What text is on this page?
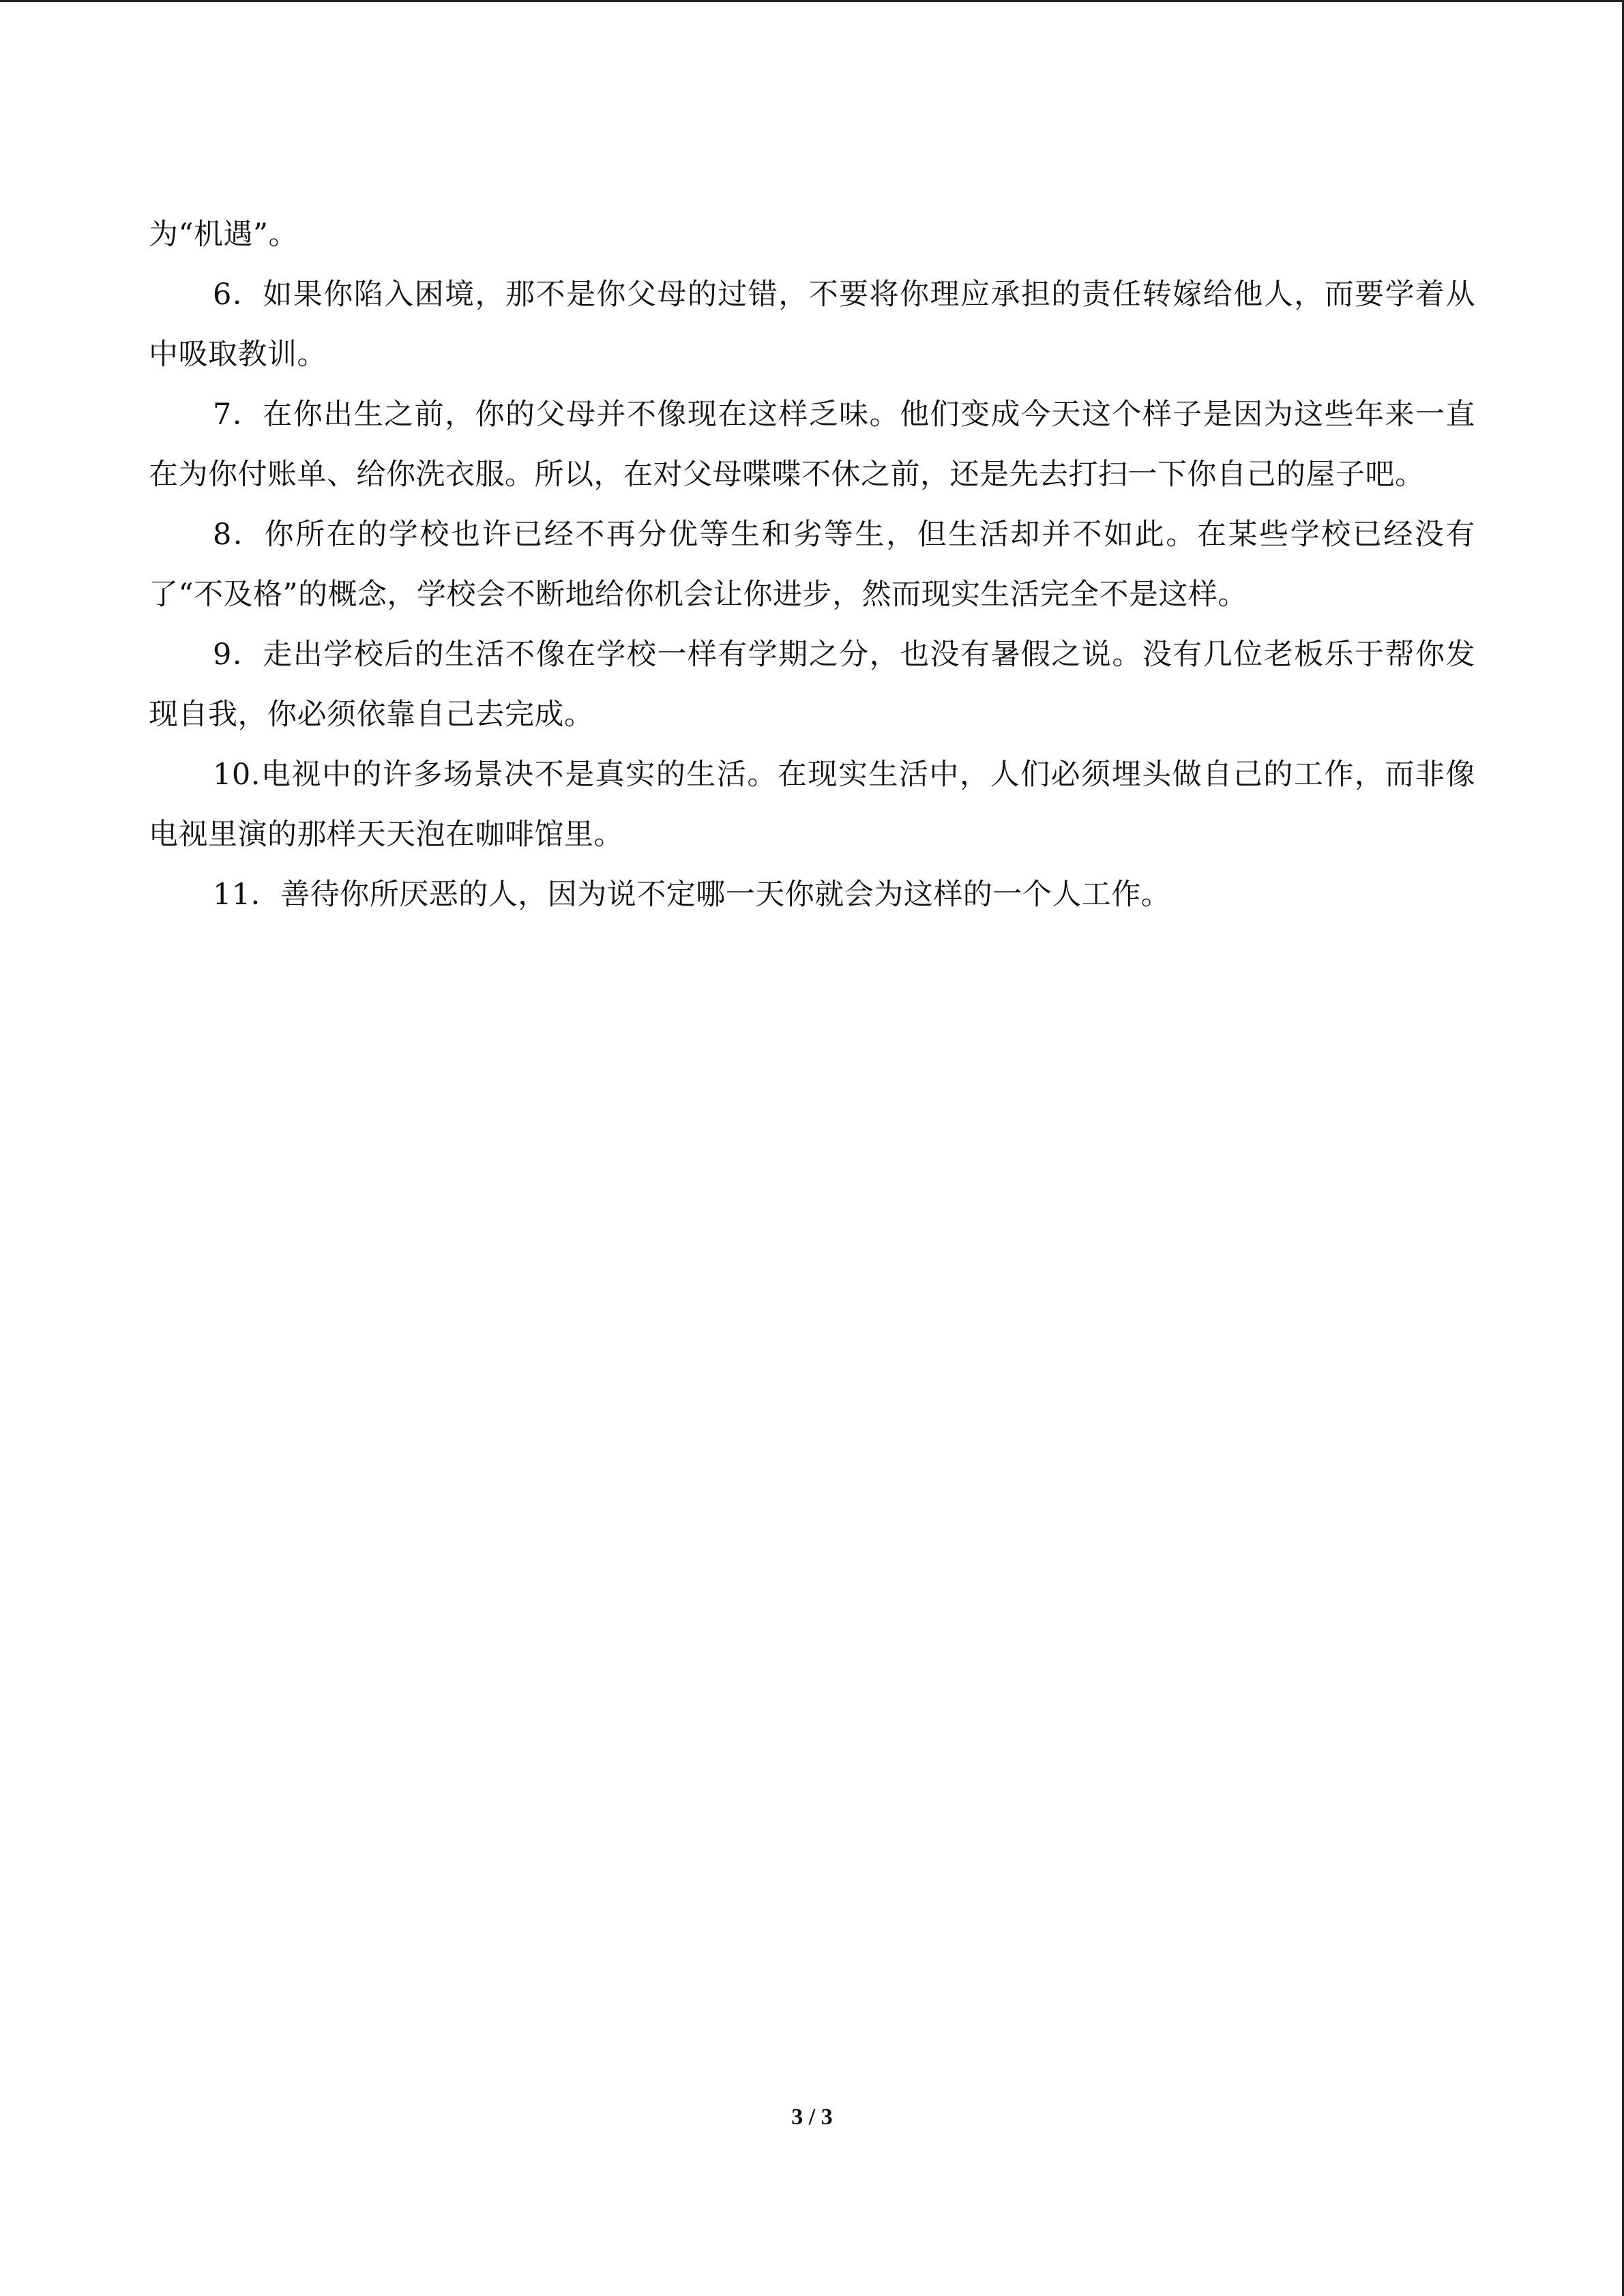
为“机遇”。

6．如果你陷入困境，那不是你父母的过错，不要将你理应承担的责任转嫁给他人，而要学着从中吸取教训。

7．在你出生之前，你的父母并不像现在这样乏味。他们变成今天这个样子是因为这些年来一直在为你付账单、给你洗衣服。所以，在对父母喋喋不休之前，还是先去打扫一下你自己的屋子吧。

8．你所在的学校也许已经不再分优等生和劣等生，但生活却并不如此。在某些学校已经没有了“不及格”的概念，学校会不断地给你机会让你进步，然而现实生活完全不是这样。

9．走出学校后的生活不像在学校一样有学期之分，也没有暑假之说。没有几位老板乐于帮你发现自我，你必须依靠自己去完成。

10.电视中的许多场景决不是真实的生活。在现实生活中，人们必须埋头做自己的工作，而非像电视里演的那样天天泡在咖啡馆里。

11．善待你所厌恶的人，因为说不定哪一天你就会为这样的一个人工作。

3 / 3
